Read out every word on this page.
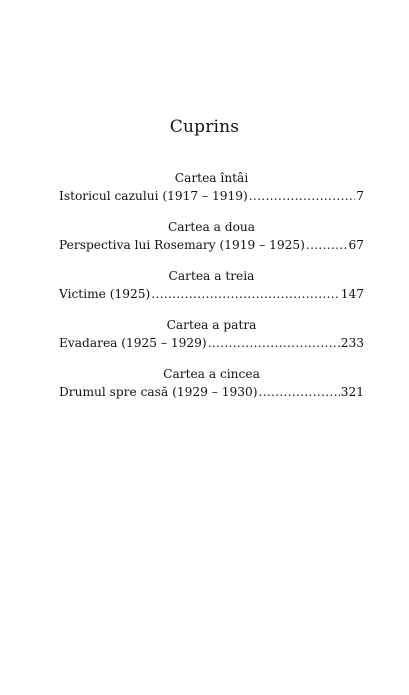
Cuprins
Cartea întâi
Istoricul cazului (1917 – 1919) .....	7
Cartea a doua
Perspectiva lui Rosemary (1919 – 1925) .....	67
Cartea a treia
Victime (1925) .....	147
Cartea a patra
Evadarea (1925 – 1929) .....	233
Cartea a cincea
Drumul spre casă (1929 – 1930) .....	321
